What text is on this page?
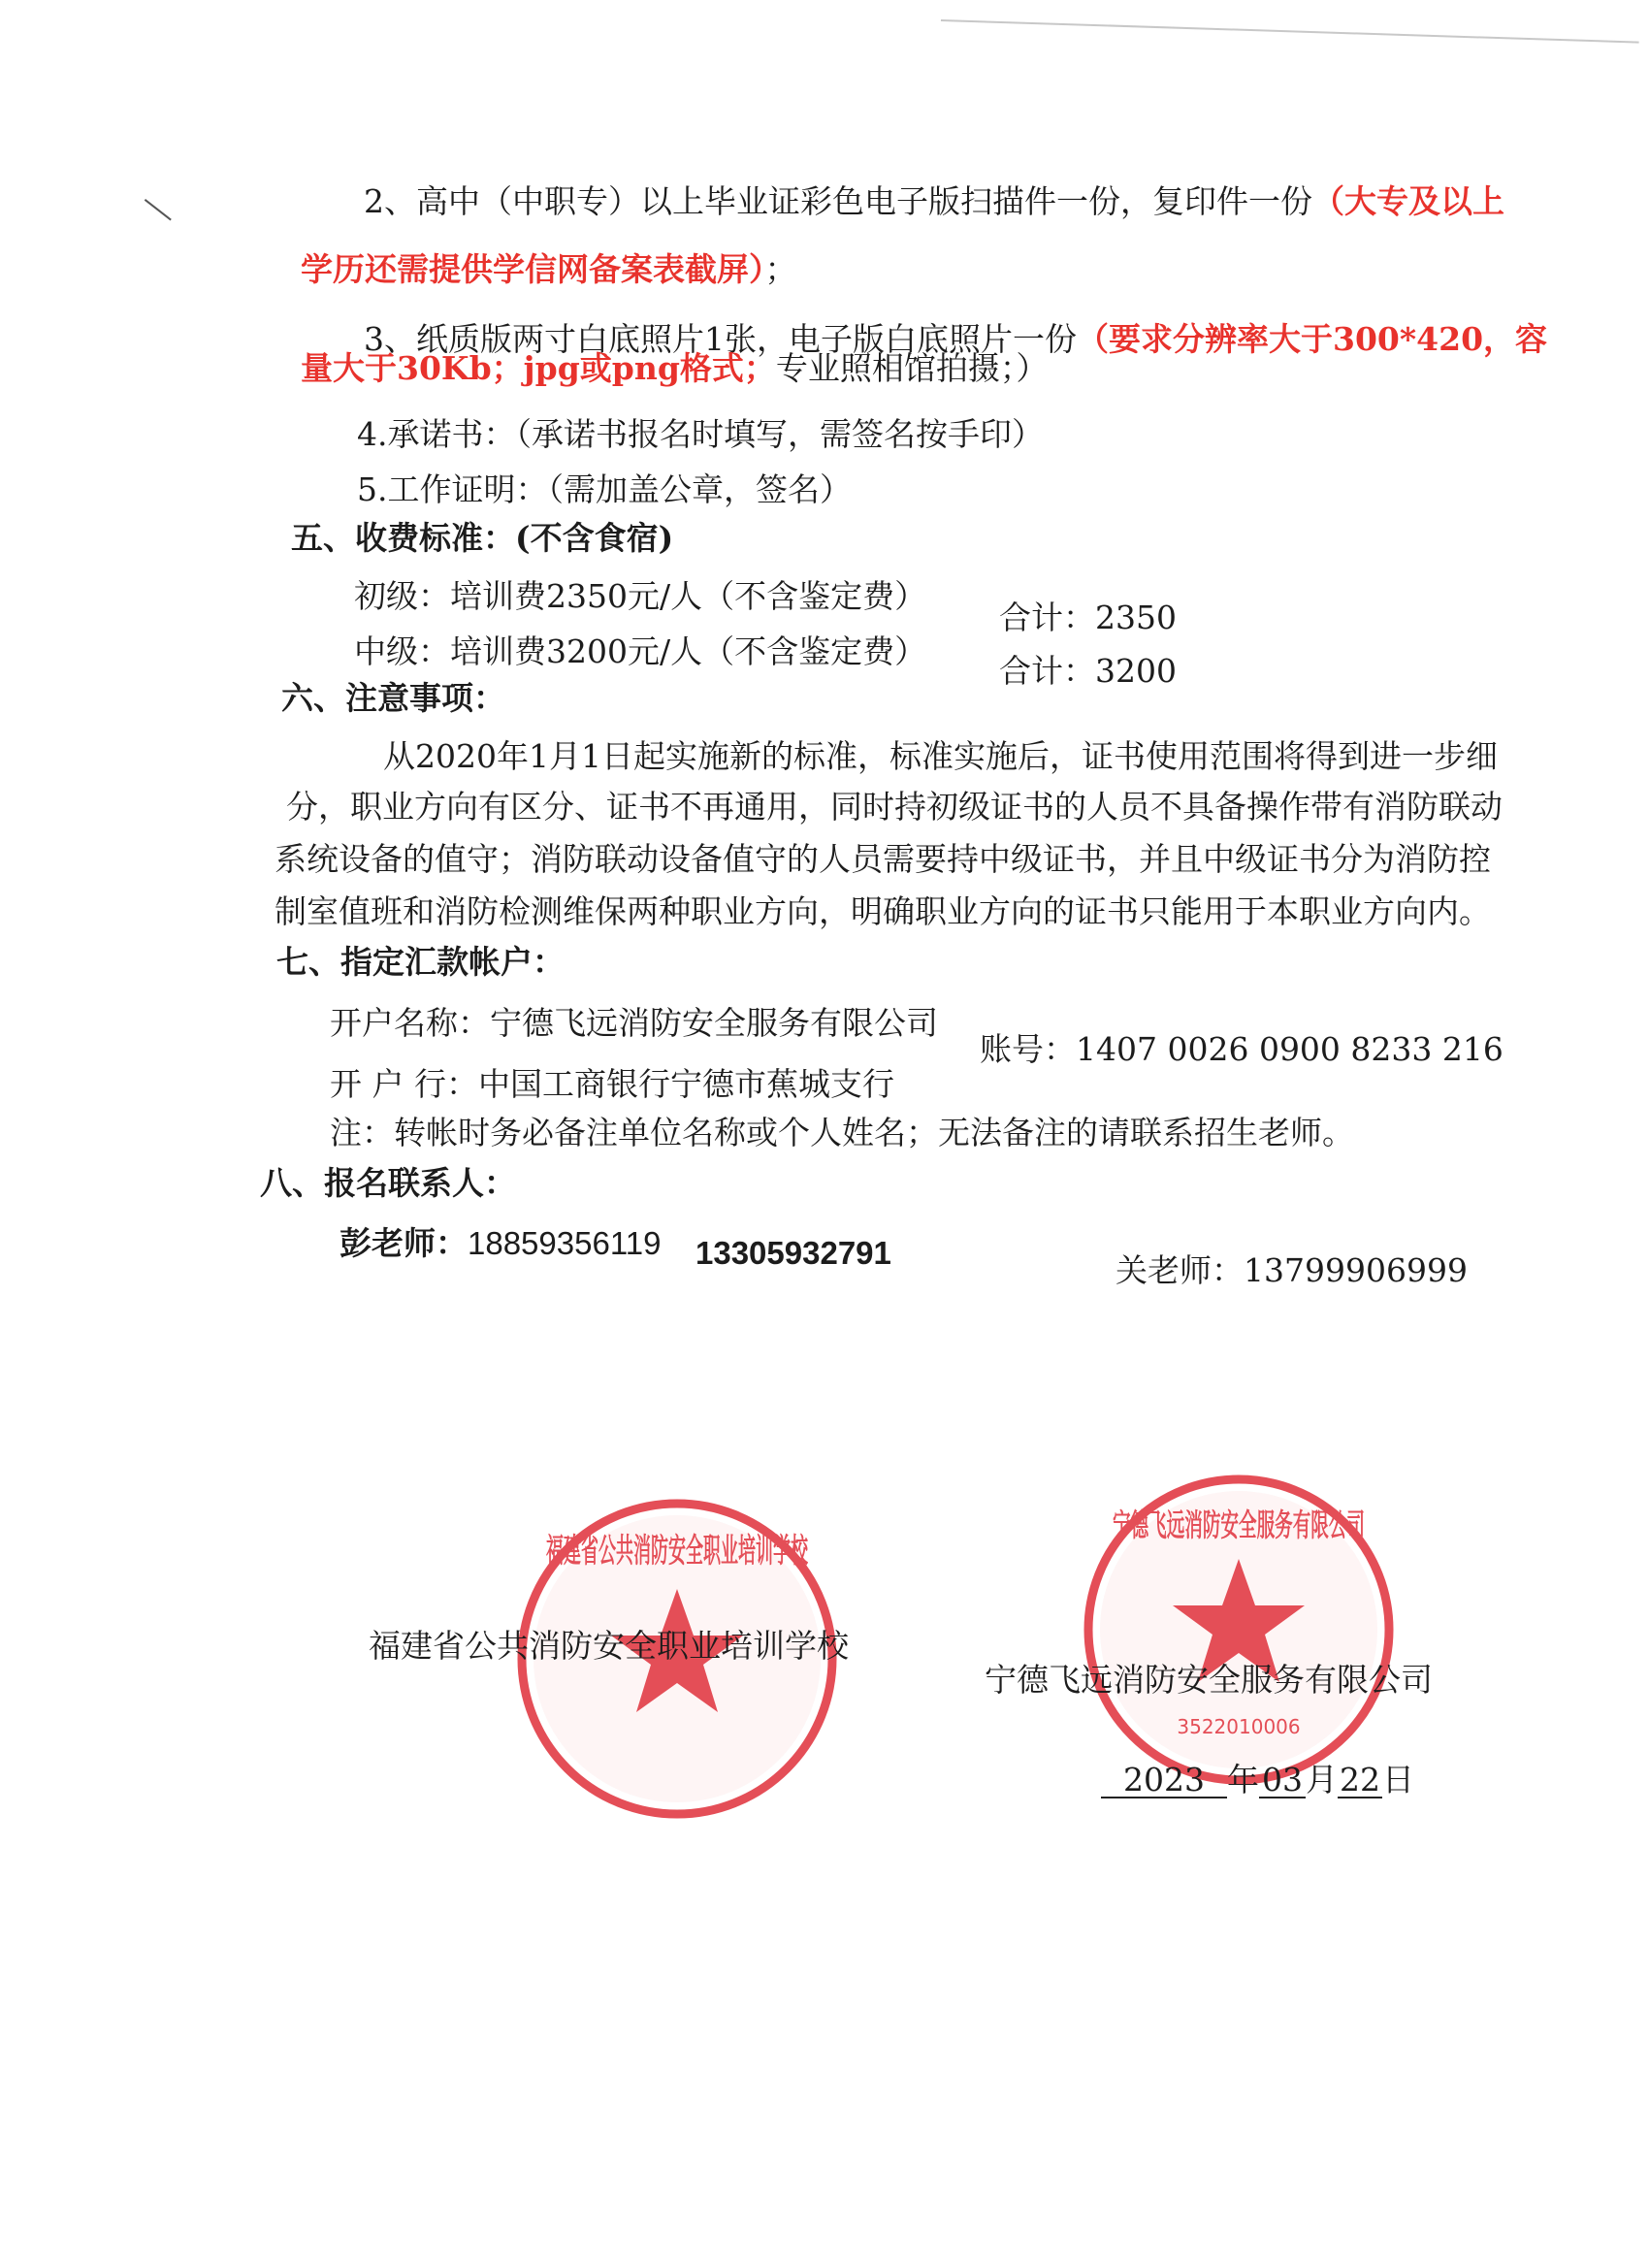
2、高中（中职专）以上毕业证彩色电子版扫描件一份，复印件一份（大专及以上
学历还需提供学信网备案表截屏）；
3、纸质版两寸白底照片1张，电子版白底照片一份（要求分辨率大于300*420，容
量大于30Kb；jpg或png格式；专业照相馆拍摄；）
4.承诺书：（承诺书报名时填写，需签名按手印）
5.工作证明：（需加盖公章，签名）
五、收费标准：(不含食宿)
初级：培训费2350元/人（不含鉴定费）
合计：2350
中级：培训费3200元/人（不含鉴定费）
合计：3200
六、注意事项：
从2020年1月1日起实施新的标准，标准实施后，证书使用范围将得到进一步细
分，职业方向有区分、证书不再通用，同时持初级证书的人员不具备操作带有消防联动
系统设备的值守；消防联动设备值守的人员需要持中级证书，并且中级证书分为消防控
制室值班和消防检测维保两种职业方向，明确职业方向的证书只能用于本职业方向内。
七、指定汇款帐户：
开户名称：宁德飞远消防安全服务有限公司
账号：1407 0026 0900 8233 216
开 户 行：中国工商银行宁德市蕉城支行
注：转帐时务必备注单位名称或个人姓名；无法备注的请联系招生老师。
八、报名联系人：
彭老师：18859356119 13305932791	关老师：13799906999
福建省公共消防安全职业培训学校
宁德飞远消防安全服务有限公司
3522010006
福建省公共消防安全职业培训学校
宁德飞远消防安全服务有限公司
2023 年03月22日
